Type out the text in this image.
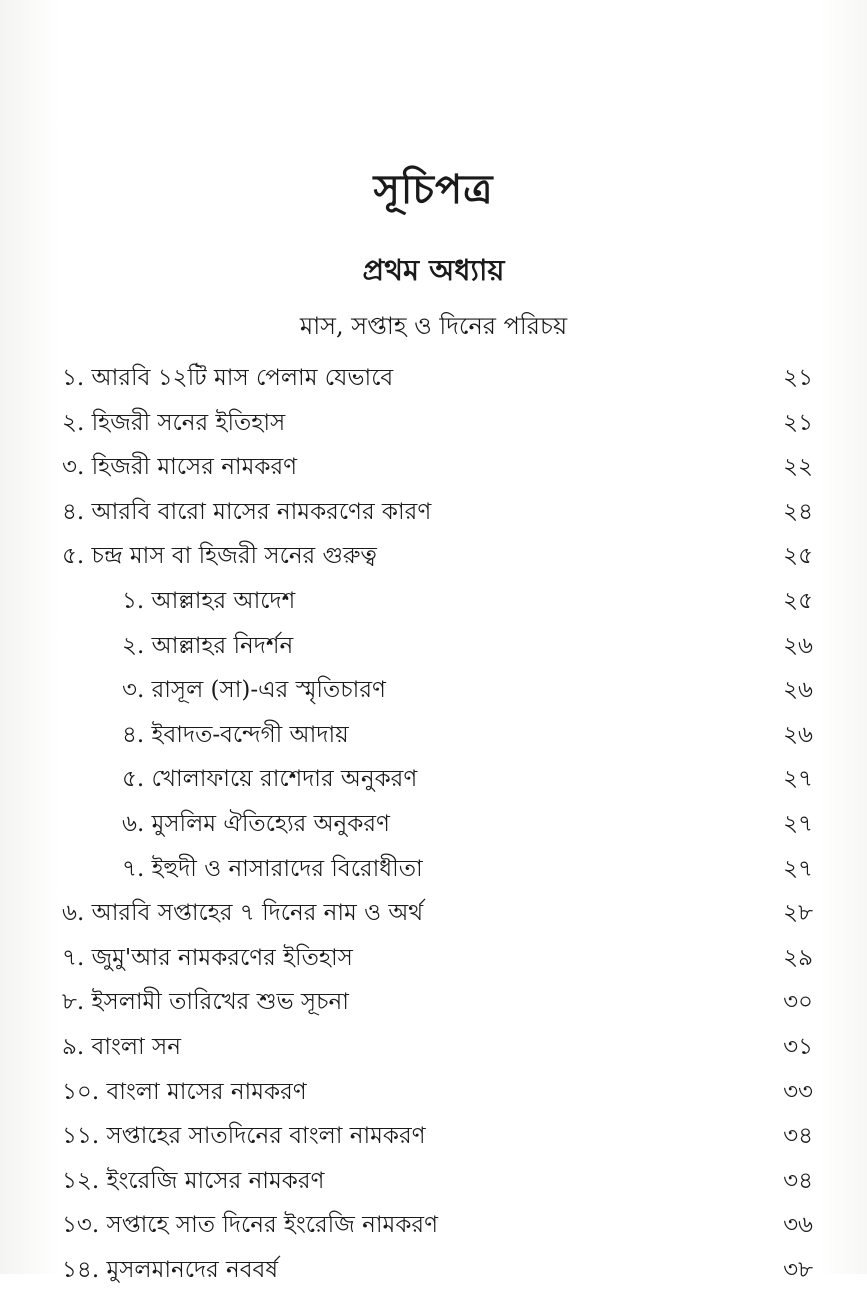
সূচিপত্র
প্রথম অধ্যায়
মাস, সপ্তাহ ও দিনের পরিচয়
১. আরবি ১২টি মাস পেলাম যেভাবে	২১
২. হিজরী সনের ইতিহাস	২১
৩. হিজরী মাসের নামকরণ	২২
৪. আরবি বারো মাসের নামকরণের কারণ	২৪
৫. চন্দ্র মাস বা হিজরী সনের গুরুত্ব	২৫
১. আল্লাহর আদেশ	২৫
২. আল্লাহর নিদর্শন	২৬
৩. রাসূল (সা)-এর স্মৃতিচারণ	২৬
৪. ইবাদত-বন্দেগী আদায়	২৬
৫. খোলাফায়ে রাশেদার অনুকরণ	২৭
৬. মুসলিম ঐতিহ্যের অনুকরণ	২৭
৭. ইহুদী ও নাসারাদের বিরোধীতা	২৭
৬. আরবি সপ্তাহের ৭ দিনের নাম ও অর্থ	২৮
৭. জুমু'আর নামকরণের ইতিহাস	২৯
৮. ইসলামী তারিখের শুভ সূচনা	৩০
৯. বাংলা সন	৩১
১০. বাংলা মাসের নামকরণ	৩৩
১১. সপ্তাহের সাতদিনের বাংলা নামকরণ	৩৪
১২. ইংরেজি মাসের নামকরণ	৩৪
১৩. সপ্তাহে সাত দিনের ইংরেজি নামকরণ	৩৬
১৪. মুসলমানদের নববর্ষ	৩৮
